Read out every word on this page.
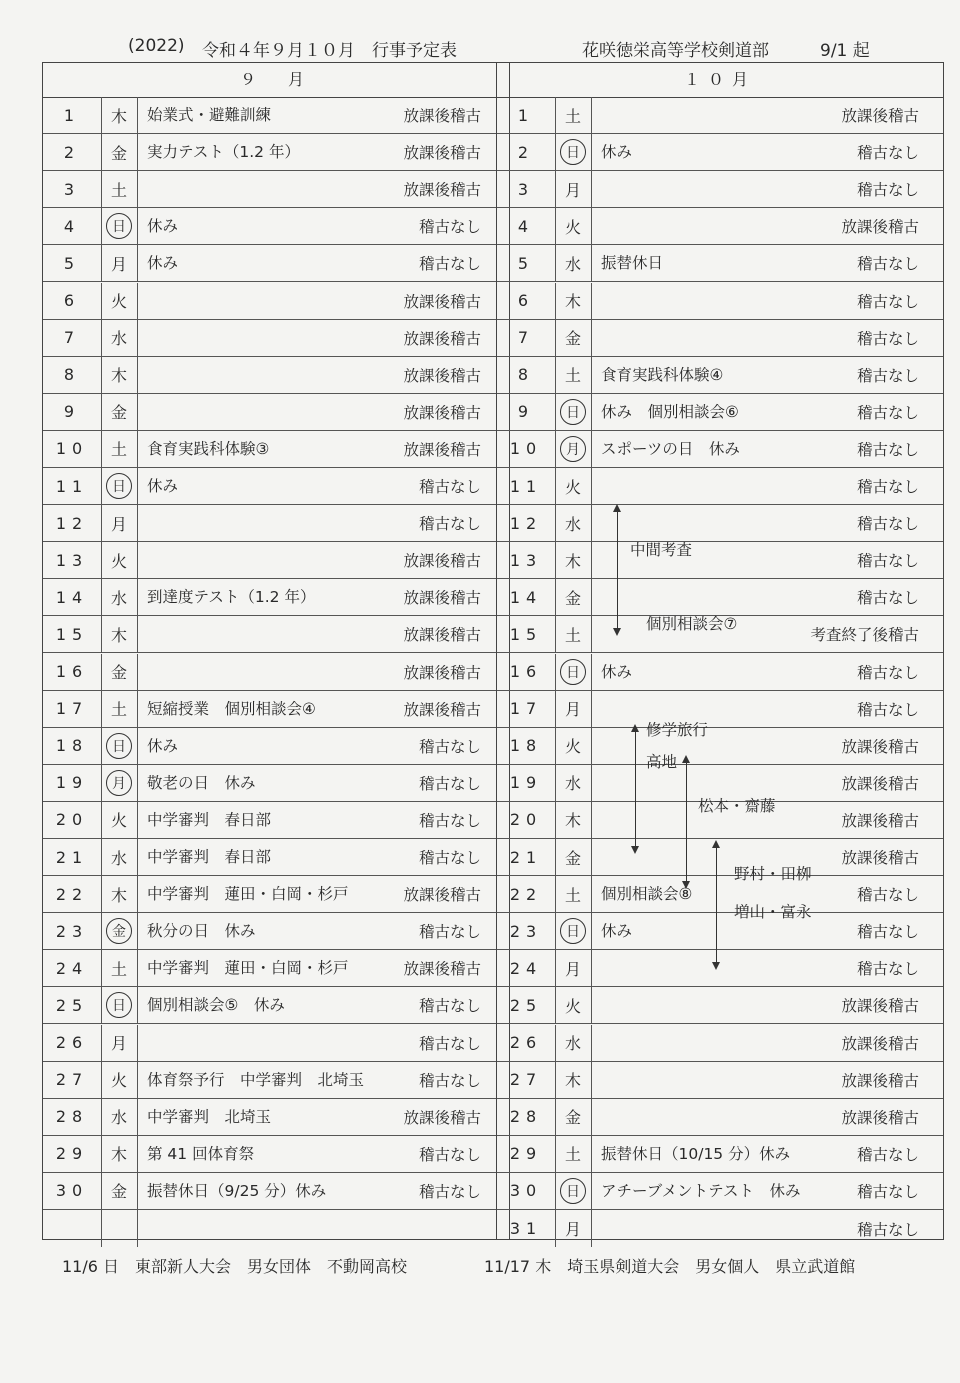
(2022) 令和４年９月１０月　行事予定表	花咲徳栄高等学校剣道部	9/1 起
９　月
1	木 始業式・避難訓練	放課後稽古
2	金 実力テスト（1.2 年）	放課後稽古
3	土	放課後稽古
4	日	休み	稽古なし
5	月 休み	稽古なし
6	火	放課後稽古
7	水	放課後稽古
8	木	放課後稽古
9	金	放課後稽古
10	土 食育実践科体験③	放課後稽古
11	日	休み	稽古なし
12	月	稽古なし
13	火	放課後稽古
14	水 到達度テスト（1.2 年）	放課後稽古
15	木	放課後稽古
16	金	放課後稽古
17	土 短縮授業　個別相談会④	放課後稽古
18	日	休み	稽古なし
19	月	敬老の日　休み	稽古なし
20	火 中学審判　春日部	稽古なし
21	水 中学審判　春日部	稽古なし
22	木 中学審判　蓮田・白岡・杉戸	放課後稽古
23	金	秋分の日　休み	稽古なし
24	土 中学審判　蓮田・白岡・杉戸	放課後稽古
25	日	個別相談会⑤　休み	稽古なし
26	月	稽古なし
27	火 体育祭予行　中学審判　北埼玉	稽古なし
28	水 中学審判　北埼玉	放課後稽古
29	木 第 41 回体育祭	稽古なし
30	金 振替休日（9/25 分）休み	稽古なし
１０月
1	土	放課後稽古
2	日	休み	稽古なし
3	月	稽古なし
4	火	放課後稽古
5	水 振替休日	稽古なし
6	木	稽古なし
7	金	稽古なし
8	土 食育実践科体験④	稽古なし
9	日	休み　個別相談会⑥	稽古なし
10	月	スポーツの日　休み	稽古なし
11	火	稽古なし
12	水	稽古なし
13	木	稽古なし
14	金	稽古なし
15	土	考査終了後稽古
16	日	休み	稽古なし
17	月	稽古なし
18	火	放課後稽古
19	水	放課後稽古
20	木	放課後稽古
21	金	放課後稽古
22	土 個別相談会⑧	稽古なし
23	日	休み	稽古なし
24	月	稽古なし
25	火	放課後稽古
26	水	放課後稽古
27	木	放課後稽古
28	金	放課後稽古
29	土 振替休日（10/15 分）休み	稽古なし
30	日	アチーブメントテスト　休み	稽古なし
31	月	稽古なし
中間考査
個別相談会⑦
修学旅行
高地
松本・齋藤
野村・田栁
増山・富永
11/6 日　東部新人大会　男女団体　不動岡高校	11/17 木　埼玉県剣道大会　男女個人　県立武道館
